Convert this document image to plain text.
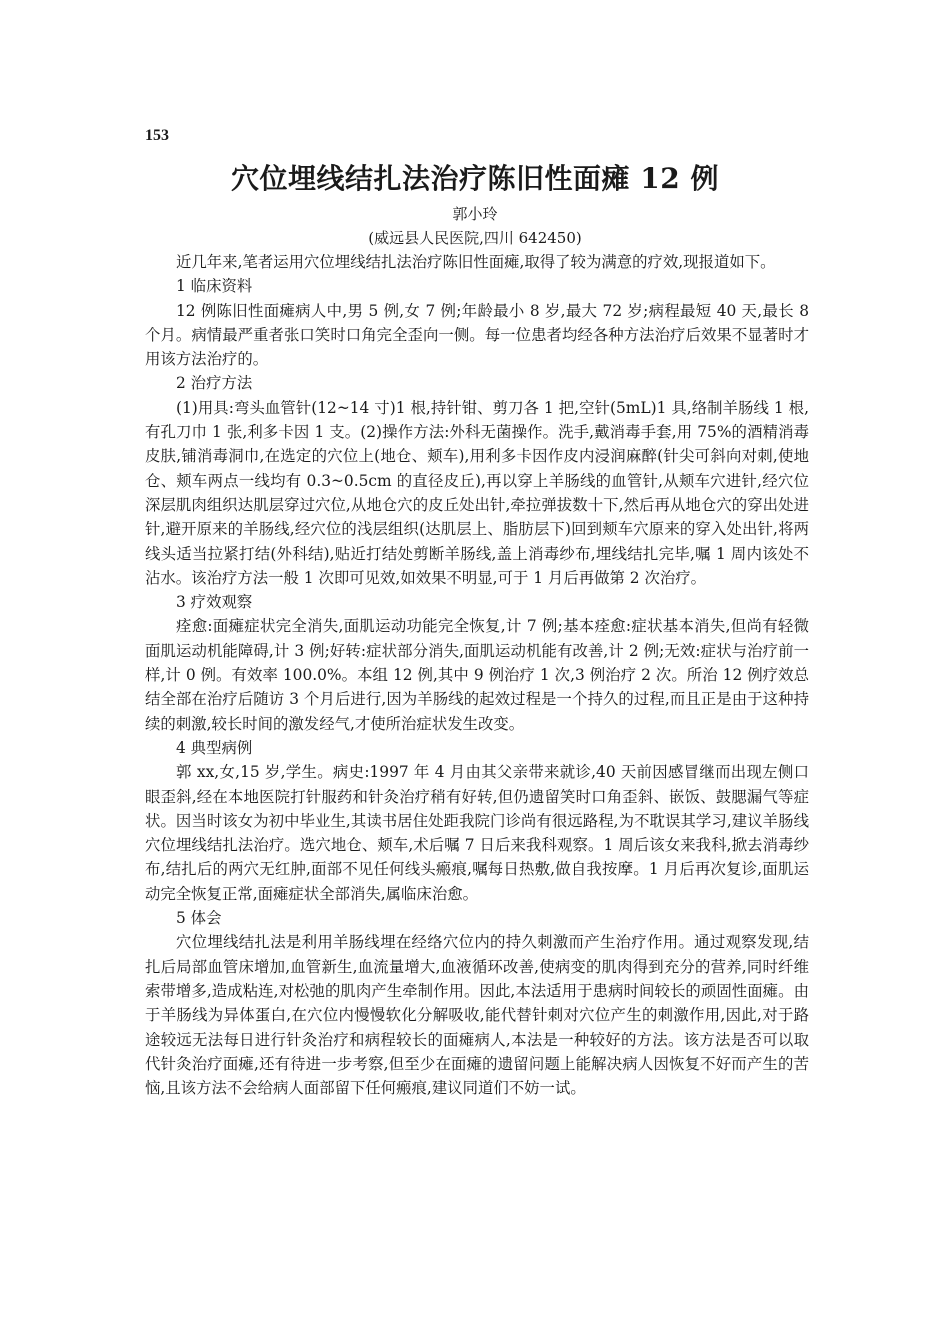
153
穴位埋线结扎法治疗陈旧性面瘫 12 例
郭小玲
(威远县人民医院,四川 642450)

近几年来,笔者运用穴位埋线结扎法治疗陈旧性面瘫,取得了较为满意的疗效,现报道如下。

1 临床资料

12 例陈旧性面瘫病人中,男 5 例,女 7 例;年龄最小 8 岁,最大 72 岁;病程最短 40 天,最长 8 个月。病情最严重者张口笑时口角完全歪向一侧。每一位患者均经各种方法治疗后效果不显著时才用该方法治疗的。

2 治疗方法

(1)用具:弯头血管针(12~14 寸)1 根,持针钳、剪刀各 1 把,空针(5mL)1 具,络制羊肠线 1 根,有孔刀巾 1 张,利多卡因 1 支。(2)操作方法:外科无菌操作。洗手,戴消毒手套,用 75%的酒精消毒皮肤,铺消毒洞巾,在选定的穴位上(地仓、颊车),用利多卡因作皮内浸润麻醉(针尖可斜向对刺,使地仓、颊车两点一线均有 0.3~0.5cm 的直径皮丘),再以穿上羊肠线的血管针,从颊车穴进针,经穴位深层肌肉组织达肌层穿过穴位,从地仓穴的皮丘处出针,牵拉弹拔数十下,然后再从地仓穴的穿出处进针,避开原来的羊肠线,经穴位的浅层组织(达肌层上、脂肪层下)回到颊车穴原来的穿入处出针,将两线头适当拉紧打结(外科结),贴近打结处剪断羊肠线,盖上消毒纱布,埋线结扎完毕,嘱 1 周内该处不沾水。该治疗方法一般 1 次即可见效,如效果不明显,可于 1 月后再做第 2 次治疗。

3 疗效观察

痊愈:面瘫症状完全消失,面肌运动功能完全恢复,计 7 例;基本痊愈:症状基本消失,但尚有轻微面肌运动机能障碍,计 3 例;好转:症状部分消失,面肌运动机能有改善,计 2 例;无效:症状与治疗前一样,计 0 例。有效率 100.0%。本组 12 例,其中 9 例治疗 1 次,3 例治疗 2 次。所治 12 例疗效总结全部在治疗后随访 3 个月后进行,因为羊肠线的起效过程是一个持久的过程,而且正是由于这种持续的刺激,较长时间的激发经气,才使所治症状发生改变。

4 典型病例

郭 xx,女,15 岁,学生。病史:1997 年 4 月由其父亲带来就诊,40 天前因感冒继而出现左侧口眼歪斜,经在本地医院打针服药和针灸治疗稍有好转,但仍遗留笑时口角歪斜、嵌饭、鼓腮漏气等症状。因当时该女为初中毕业生,其读书居住处距我院门诊尚有很远路程,为不耽误其学习,建议羊肠线穴位埋线结扎法治疗。选穴地仓、颊车,术后嘱 7 日后来我科观察。1 周后该女来我科,掀去消毒纱布,结扎后的两穴无红肿,面部不见任何线头瘢痕,嘱每日热敷,做自我按摩。1 月后再次复诊,面肌运动完全恢复正常,面瘫症状全部消失,属临床治愈。

5 体会

穴位埋线结扎法是利用羊肠线埋在经络穴位内的持久刺激而产生治疗作用。通过观察发现,结扎后局部血管床增加,血管新生,血流量增大,血液循环改善,使病变的肌肉得到充分的营养,同时纤维索带增多,造成粘连,对松弛的肌肉产生牵制作用。因此,本法适用于患病时间较长的顽固性面瘫。由于羊肠线为异体蛋白,在穴位内慢慢软化分解吸收,能代替针刺对穴位产生的刺激作用,因此,对于路途较远无法每日进行针灸治疗和病程较长的面瘫病人,本法是一种较好的方法。该方法是否可以取代针灸治疗面瘫,还有待进一步考察,但至少在面瘫的遗留问题上能解决病人因恢复不好而产生的苦恼,且该方法不会给病人面部留下任何瘢痕,建议同道们不妨一试。
